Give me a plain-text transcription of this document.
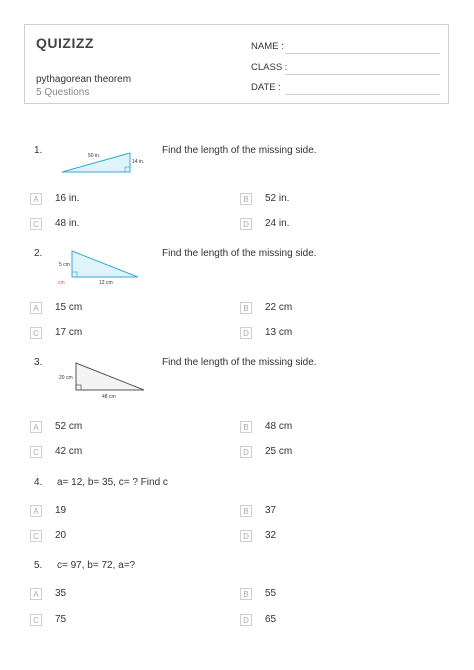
QUIZIZZ
pythagorean theorem
5 Questions
NAME :
CLASS :
DATE :
1.	50 in.
14 in.
Find the length of the missing side.
A	16 in.	B	52 in.
C	48 in.	D	24 in.
2.
5 cm
12 cm
cm
Find the length of the missing side.
A	15 cm	B	22 cm
C	17 cm	D	13 cm
3.
20 cm
48 cm
Find the length of the missing side.
A	52 cm	B	48 cm
C	42 cm	D	25 cm
4. a= 12, b= 35, c= ? Find c
A	19	B	37
C	20	D	32
5. c= 97, b= 72, a=?
A	35	B	55
C	75	D	65
